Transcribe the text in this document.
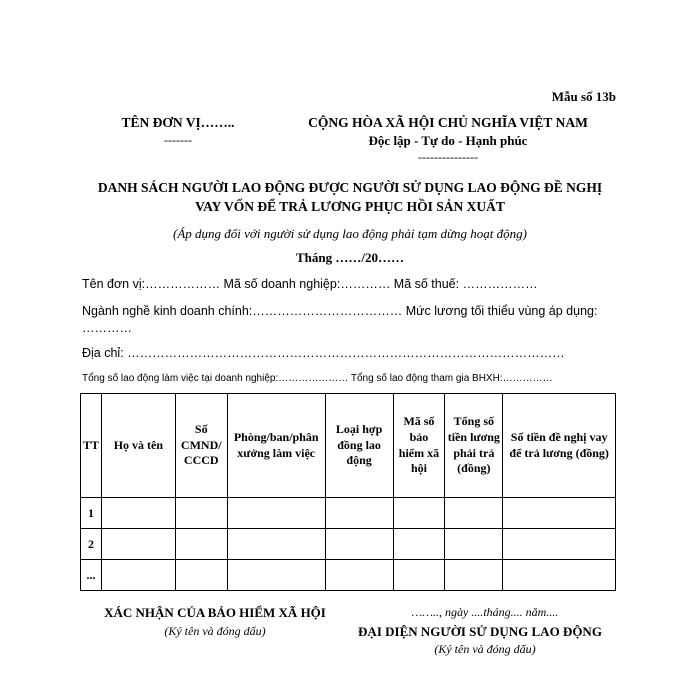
Mẫu số 13b
TÊN ĐƠN VỊ……..
-------
CỘNG HÒA XÃ HỘI CHỦ NGHĨA VIỆT NAM
Độc lập - Tự do - Hạnh phúc
---------------
DANH SÁCH NGƯỜI LAO ĐỘNG ĐƯỢC NGƯỜI SỬ DỤNG LAO ĐỘNG ĐỀ NGHỊ
VAY VỐN ĐỂ TRẢ LƯƠNG PHỤC HỒI SẢN XUẤT
(Áp dụng đối với người sử dụng lao động phải tạm dừng hoạt động)
Tháng ……/20……
Tên đơn vị:……………… Mã số doanh nghiệp:………… Mã số thuế: ………………
Ngành nghề kinh doanh chính:……………………………… Mức lương tối thiểu vùng áp dụng:
…………
Địa chỉ: ……………………………………………………………………………………………
Tổng số lao động làm việc tại doanh nghiệp:………………… Tổng số lao động tham gia BHXH:……………
TT	Họ và tên	Số CMND/ CCCD	Phòng/ban/phân xưởng làm việc	Loại hợp đồng lao động	Mã số bảo hiểm xã hội	Tổng số tiền lương phải trả (đồng)	Số tiền đề nghị vay để trả lương (đồng)
1							
2							
...							
XÁC NHẬN CỦA BẢO HIỂM XÃ HỘI
(Ký tên và đóng dấu)
…….., ngày ....tháng.... năm....
ĐẠI DIỆN NGƯỜI SỬ DỤNG LAO ĐỘNG
(Ký tên và đóng dấu)
